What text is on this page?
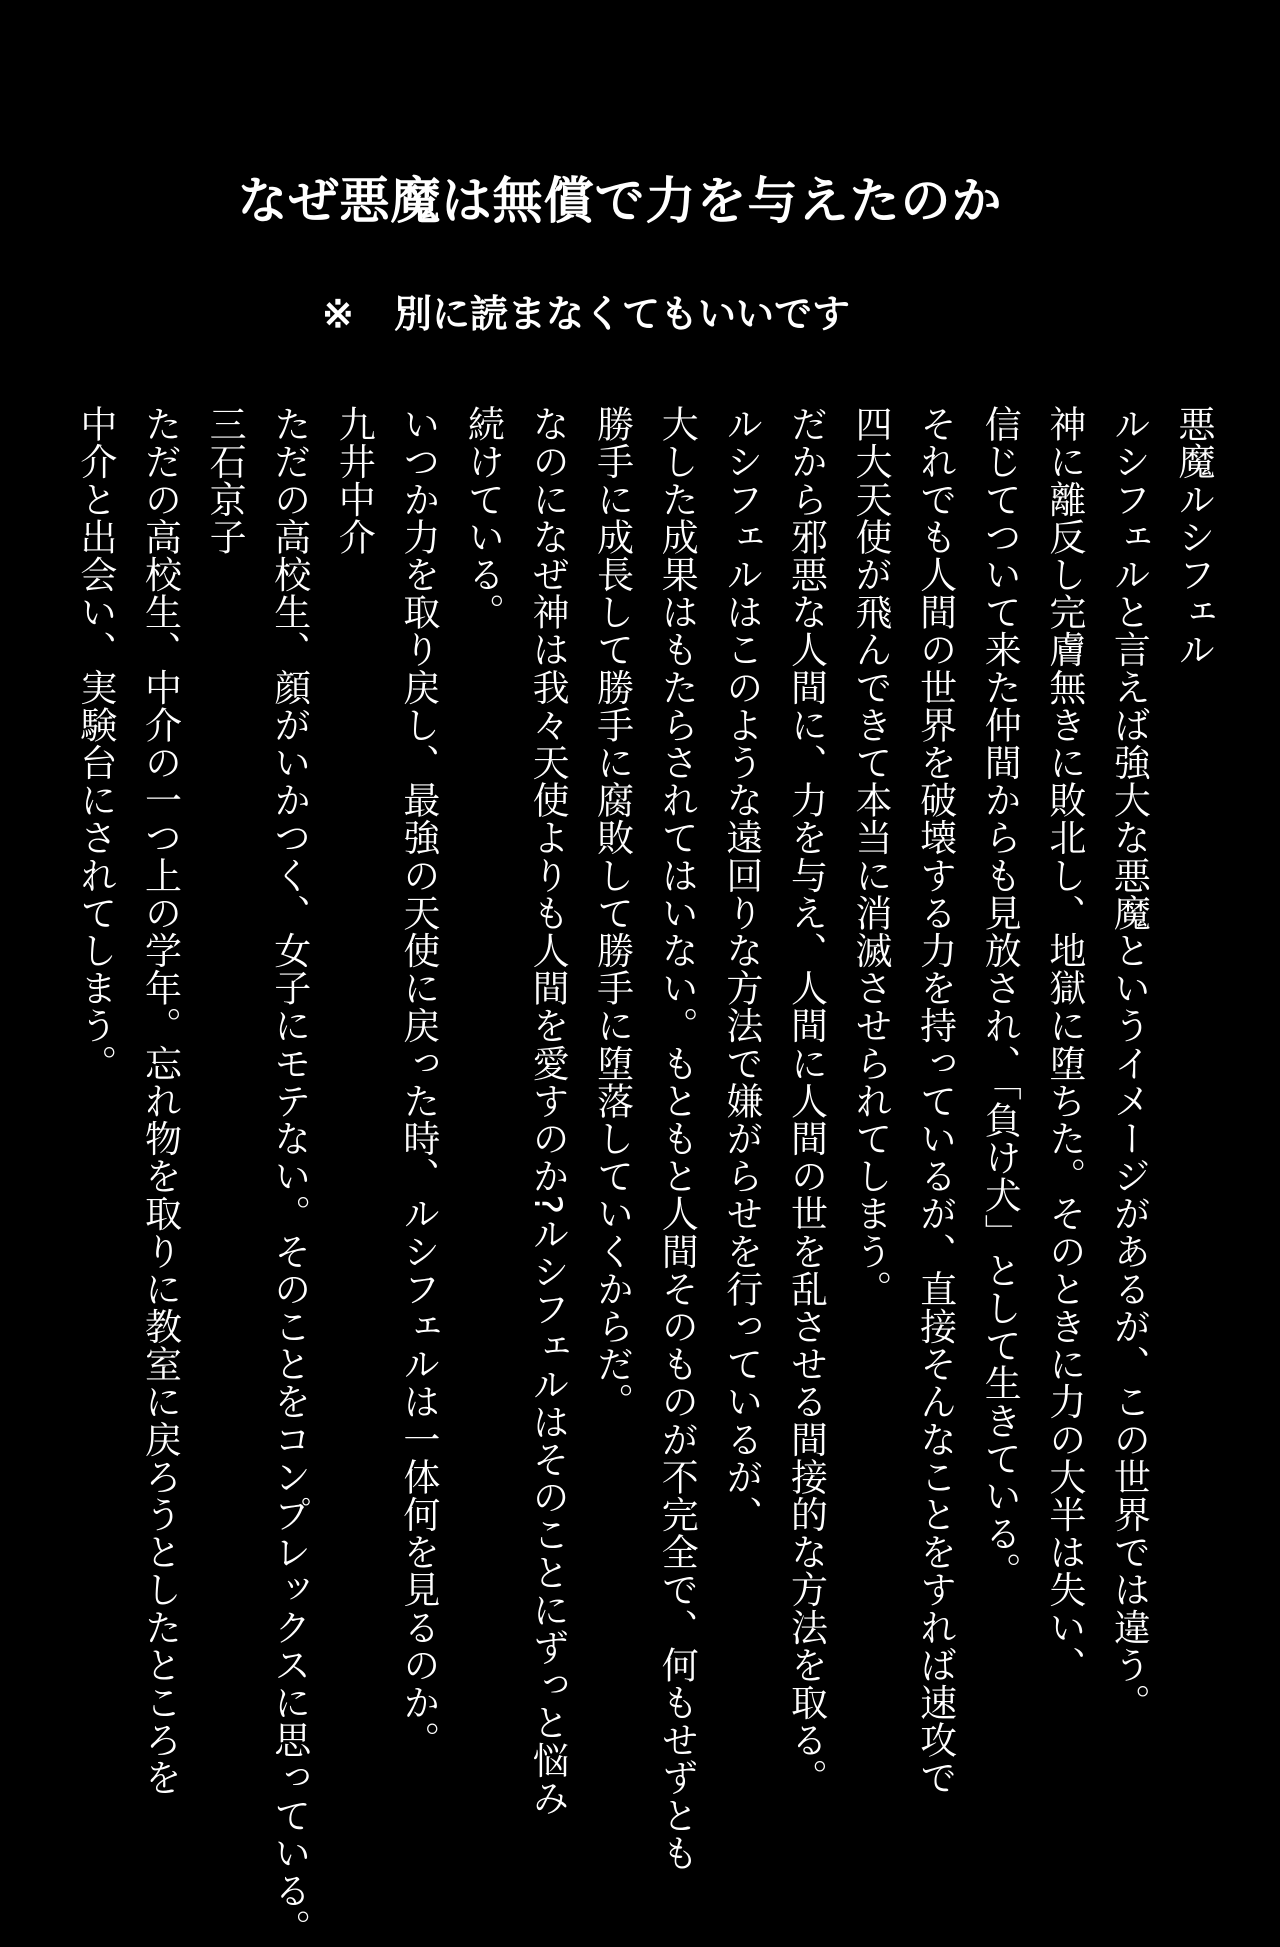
なぜ悪魔は無償で力を与えたのか
※ 別に読まなくてもいいです
悪魔ルシフェル
ルシフェルと言えば強大な悪魔というイメージがあるが、この世界では違う。
神に離反し完膚無きに敗北し、地獄に堕ちた。そのときに力の大半は失い、
信じてついて来た仲間からも見放され、「負け犬」として生きている。
それでも人間の世界を破壊する力を持っているが、直接そんなことをすれば速攻で
四大天使が飛んできて本当に消滅させられてしまう。
だから邪悪な人間に、力を与え、人間に人間の世を乱させる間接的な方法を取る。
ルシフェルはこのような遠回りな方法で嫌がらせを行っているが、
大した成果はもたらされてはいない。もともと人間そのものが不完全で、何もせずとも
勝手に成長して勝手に腐敗して勝手に堕落していくからだ。
なのになぜ神は我々天使よりも人間を愛すのか?ルシフェルはそのことにずっと悩み
続けている。
いつか力を取り戻し、最強の天使に戻った時、ルシフェルは一体何を見るのか。
九井中介
ただの高校生、顔がいかつく、女子にモテない。そのことをコンプレックスに思っている。
三石京子
ただの高校生、中介の一つ上の学年。忘れ物を取りに教室に戻ろうとしたところを
中介と出会い、実験台にされてしまう。
